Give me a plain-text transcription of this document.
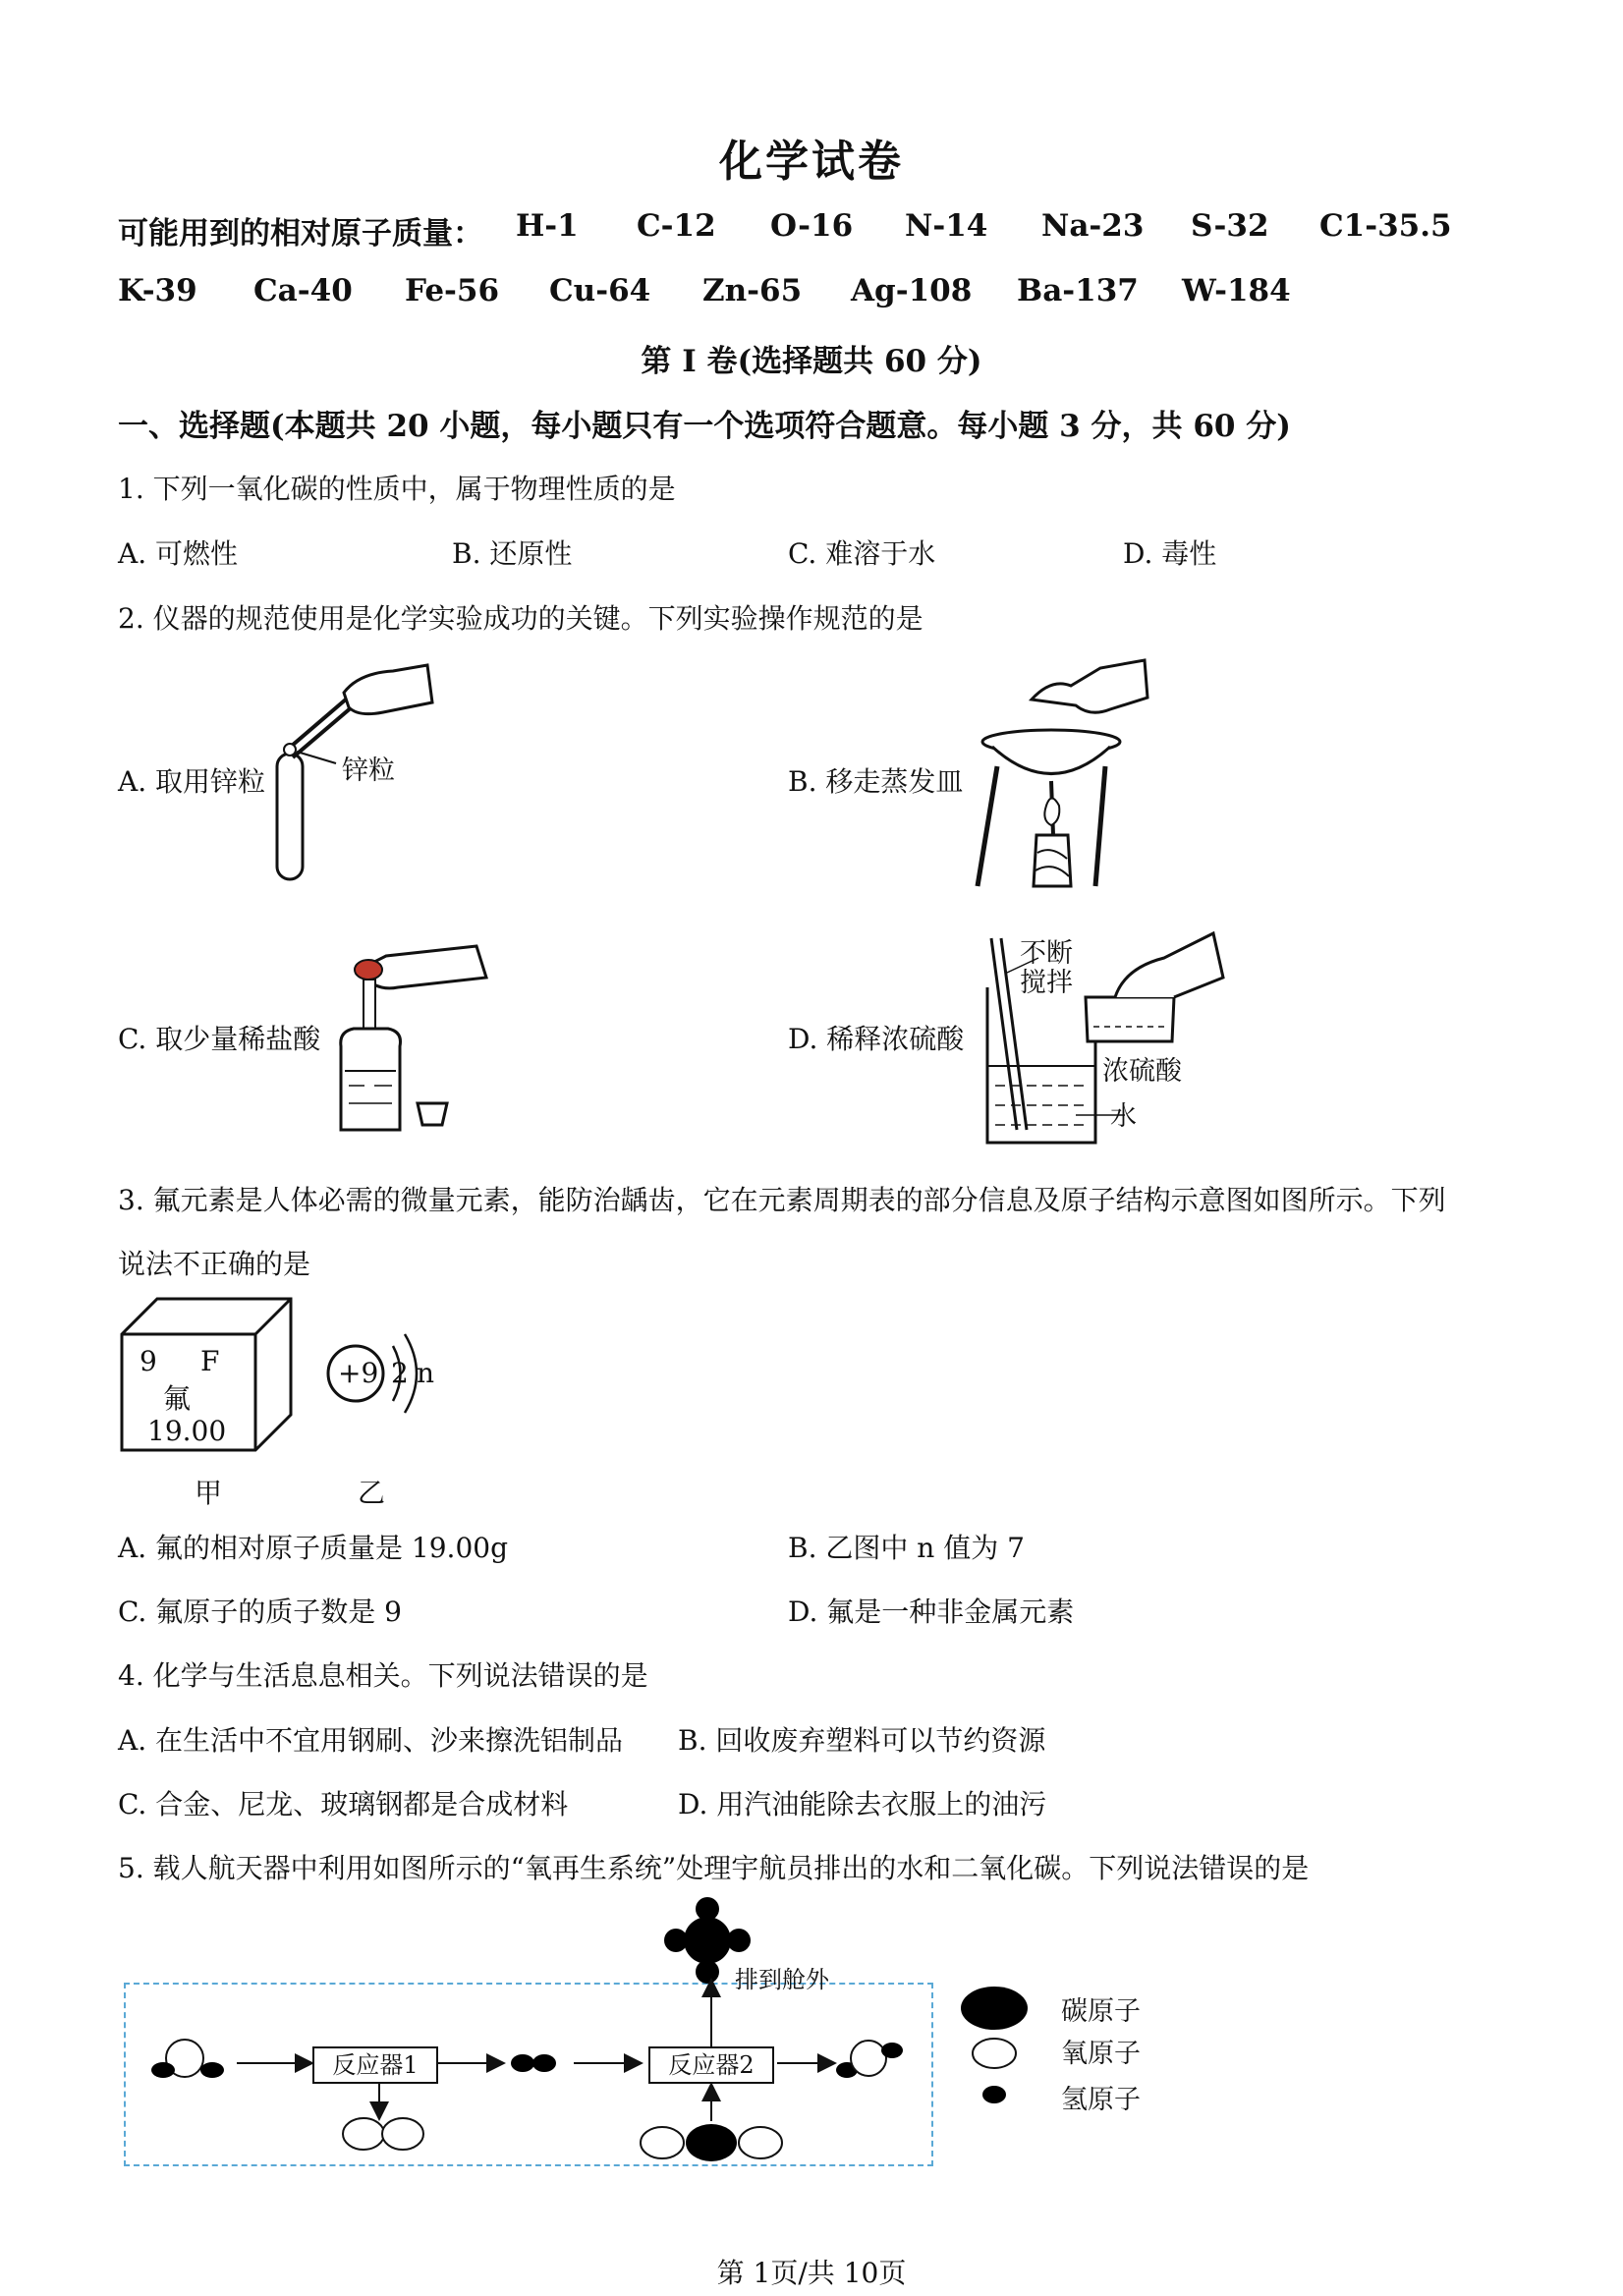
化学试卷
可能用到的相对原子质量： H-1 C-12 O-16 N-14 Na-23 S-32 C1-35.5
K-39 Ca-40 Fe-56 Cu-64 Zn-65 Ag-108 Ba-137 W-184
第 I 卷(选择题共 60 分)
一、选择题(本题共 20 小题，每小题只有一个选项符合题意。每小题 3 分，共 60 分)
1. 下列一氧化碳的性质中，属于物理性质的是
A. 可燃性	B. 还原性	C. 难溶于水	D. 毒性
2. 仪器的规范使用是化学实验成功的关键。下列实验操作规范的是
A. 取用锌粒	B. 移走蒸发皿
C. 取少量稀盐酸	D. 稀释浓硫酸
锌粒
不断
搅拌
浓硫酸
水
3. 氟元素是人体必需的微量元素，能防治龋齿，它在元素周期表的部分信息及原子结构示意图如图所示。下列
说法不正确的是
9 F
氟
19.00
+9 2 n
甲	乙
A. 氟的相对原子质量是 19.00g	B. 乙图中 n 值为 7
C. 氟原子的质子数是 9	D. 氟是一种非金属元素
4. 化学与生活息息相关。下列说法错误的是
A. 在生活中不宜用钢刷、沙来擦洗铝制品 B. 回收废弃塑料可以节约资源
C. 合金、尼龙、玻璃钢都是合成材料	D. 用汽油能除去衣服上的油污
5. 载人航天器中利用如图所示的“氧再生系统”处理宇航员排出的水和二氧化碳。下列说法错误的是
反应器1	反应器2
排到舱外
碳原子
氧原子
氢原子
第 1页/共 10页
